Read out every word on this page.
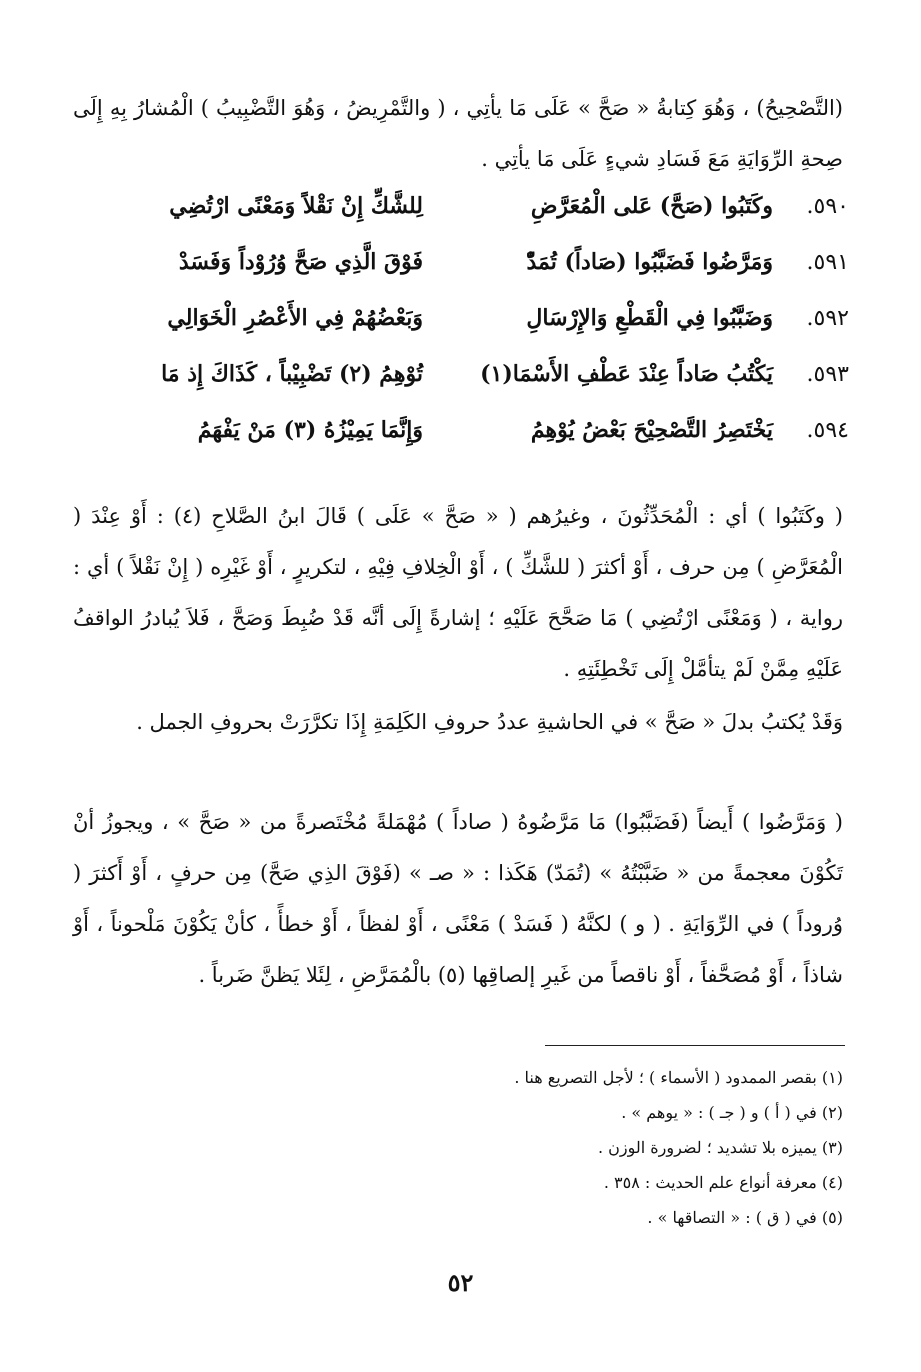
(التَّصْحِيحُ) ، وَهُوَ كِتابةُ « صَحَّ » عَلَى مَا يأتِي ، ( والتَّمْرِيضُ ، وَهُوَ التَّضْبِيبُ ) الْمُشارُ بِهِ إِلَى صِحةِ الرِّوَايَةِ مَعَ فَسَادِ شيءٍ عَلَى مَا يأتِي .

٥٩٠.
وكَتَبُوا (صَحَّ) عَلى الْمُعَرَّضِ
لِلشَّكِّ إِنْ نَقْلاً وَمَعْنًى ارْتُضِي
٥٩١.
وَمَرَّضُوا فَضَبَّبُوا (صَاداً) تُمَدّْ
فَوْقَ الَّذِي صَحَّ وُرُوْداً وَفَسَدْ
٥٩٢.
وَضَبَّبُوا فِي الْقَطْعِ وَالإِرْسَالِ
وَبَعْضُهُمْ فِي الأَعْصُرِ الْخَوَالِي
٥٩٣.
يَكْتُبُ صَاداً عِنْدَ عَطْفِ الأَسْمَا(١)
تُوْهِمُ (٢) تَضْبِيْباً ، كَذَاكَ إِذ مَا
٥٩٤.
يَخْتَصِرُ التَّصْحِيْحَ بَعْضُ يُوْهِمُ
وَإِنَّمَا يَمِيْزُهُ (٣) مَنْ يَفْهَمُ

( وكَتَبُوا ) أي : الْمُحَدِّثُونَ ، وغيرُهم ( « صَحَّ » عَلَى ) قَالَ ابنُ الصَّلاحِ (٤) : أَوْ عِنْدَ ( الْمُعَرَّضِ ) مِن حرف ، أَوْ أكثرَ ( للشَّكِّ ) ، أَوْ الْخِلافِ فِيْهِ ، لتكريرٍ ، أَوْ غَيْرِه ( إِنْ نَقْلاً ) أي : رواية ، ( وَمَعْنًى ارْتُضِي ) مَا صَحَّحَ عَلَيْهِ ؛ إشارةً إِلَى أنَّه قَدْ ضُبِطَ وَصَحَّ ، فَلاَ يُبادرُ الواقفُ عَلَيْهِ مِمَّنْ لَمْ يتأمَّلْ إِلَى تَخْطِئَتِهِ .

وَقَدْ يُكتبُ بدلَ « صَحَّ » في الحاشيةِ عددُ حروفِ الكَلِمَةِ إِذَا تكرَّرَتْ بحروفِ الجمل .

( وَمَرَّضُوا ) أَيضاً (فَضَبَّبُوا) مَا مَرَّضُوهُ ( صاداً ) مُهْمَلةً مُخْتَصرةً من « صَحَّ » ، ويجوزُ أنْ تَكُوْنَ معجمةً من « ضَبَّبْتُهُ » (تُمَدّ) هَكَذا : « صـ » (فَوْقَ الذِي صَحَّ) مِن حرفٍ ، أَوْ أَكثرَ ( وُروداً ) في الرِّوَايَةِ . ( و ) لكنَّهُ ( فَسَدْ ) مَعْنًى ، أَوْ لفظاً ، أَوْ خطأً ، كأنْ يَكُوْنَ مَلْحوناً ، أَوْ شاذاً ، أَوْ مُصَحَّفاً ، أَوْ ناقصاً من غَيرِ إلصاقِها (٥) بالْمُمَرَّضِ ، لِئَلا يَظنَّ ضَرباً .

(١) بقصر الممدود ( الأسماء ) ؛ لأجل التصريع هنا .
(٢) في ( أ ) و ( جـ ) : « يوهم » .
(٣) يميزه بلا تشديد ؛ لضرورة الوزن .
(٤) معرفة أنواع علم الحديث : ٣٥٨ .
(٥) في ( ق ) : « التصاقها » .
٥٢
